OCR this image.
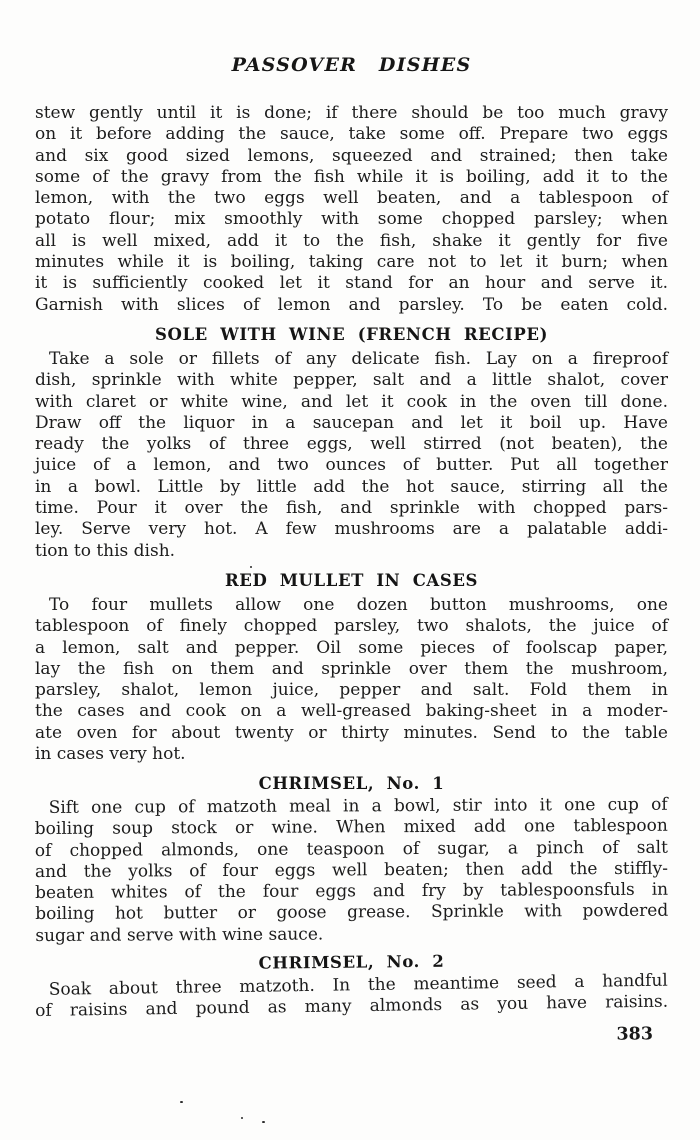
PASSOVER DISHES
stew gently until it is done; if there should be too much gravy
on it before adding the sauce, take some off. Prepare two eggs
and six good sized lemons, squeezed and strained; then take
some of the gravy from the fish while it is boiling, add it to the
lemon, with the two eggs well beaten, and a tablespoon of
potato flour; mix smoothly with some chopped parsley; when
all is well mixed, add it to the fish, shake it gently for five
minutes while it is boiling, taking care not to let it burn; when
it is sufficiently cooked let it stand for an hour and serve it.
Garnish with slices of lemon and parsley. To be eaten cold.
SOLE WITH WINE (FRENCH RECIPE)
Take a sole or fillets of any delicate fish. Lay on a fireproof
dish, sprinkle with white pepper, salt and a little shalot, cover
with claret or white wine, and let it cook in the oven till done.
Draw off the liquor in a saucepan and let it boil up. Have
ready the yolks of three eggs, well stirred (not beaten), the
juice of a lemon, and two ounces of butter. Put all together
in a bowl. Little by little add the hot sauce, stirring all the
time. Pour it over the fish, and sprinkle with chopped pars-
ley. Serve very hot. A few mushrooms are a palatable addi-
tion to this dish.
RED MULLET IN CASES
To four mullets allow one dozen button mushrooms, one
tablespoon of finely chopped parsley, two shalots, the juice of
a lemon, salt and pepper. Oil some pieces of foolscap paper,
lay the fish on them and sprinkle over them the mushroom,
parsley, shalot, lemon juice, pepper and salt. Fold them in
the cases and cook on a well-greased baking-sheet in a moder-
ate oven for about twenty or thirty minutes. Send to the table
in cases very hot.
CHRIMSEL, No. 1
Sift one cup of matzoth meal in a bowl, stir into it one cup of
boiling soup stock or wine. When mixed add one tablespoon
of chopped almonds, one teaspoon of sugar, a pinch of salt
and the yolks of four eggs well beaten; then add the stiffly-
beaten whites of the four eggs and fry by tablespoonsfuls in
boiling hot butter or goose grease. Sprinkle with powdered
sugar and serve with wine sauce.
CHRIMSEL, No. 2
Soak about three matzoth. In the meantime seed a handful
of raisins and pound as many almonds as you have raisins.
383
